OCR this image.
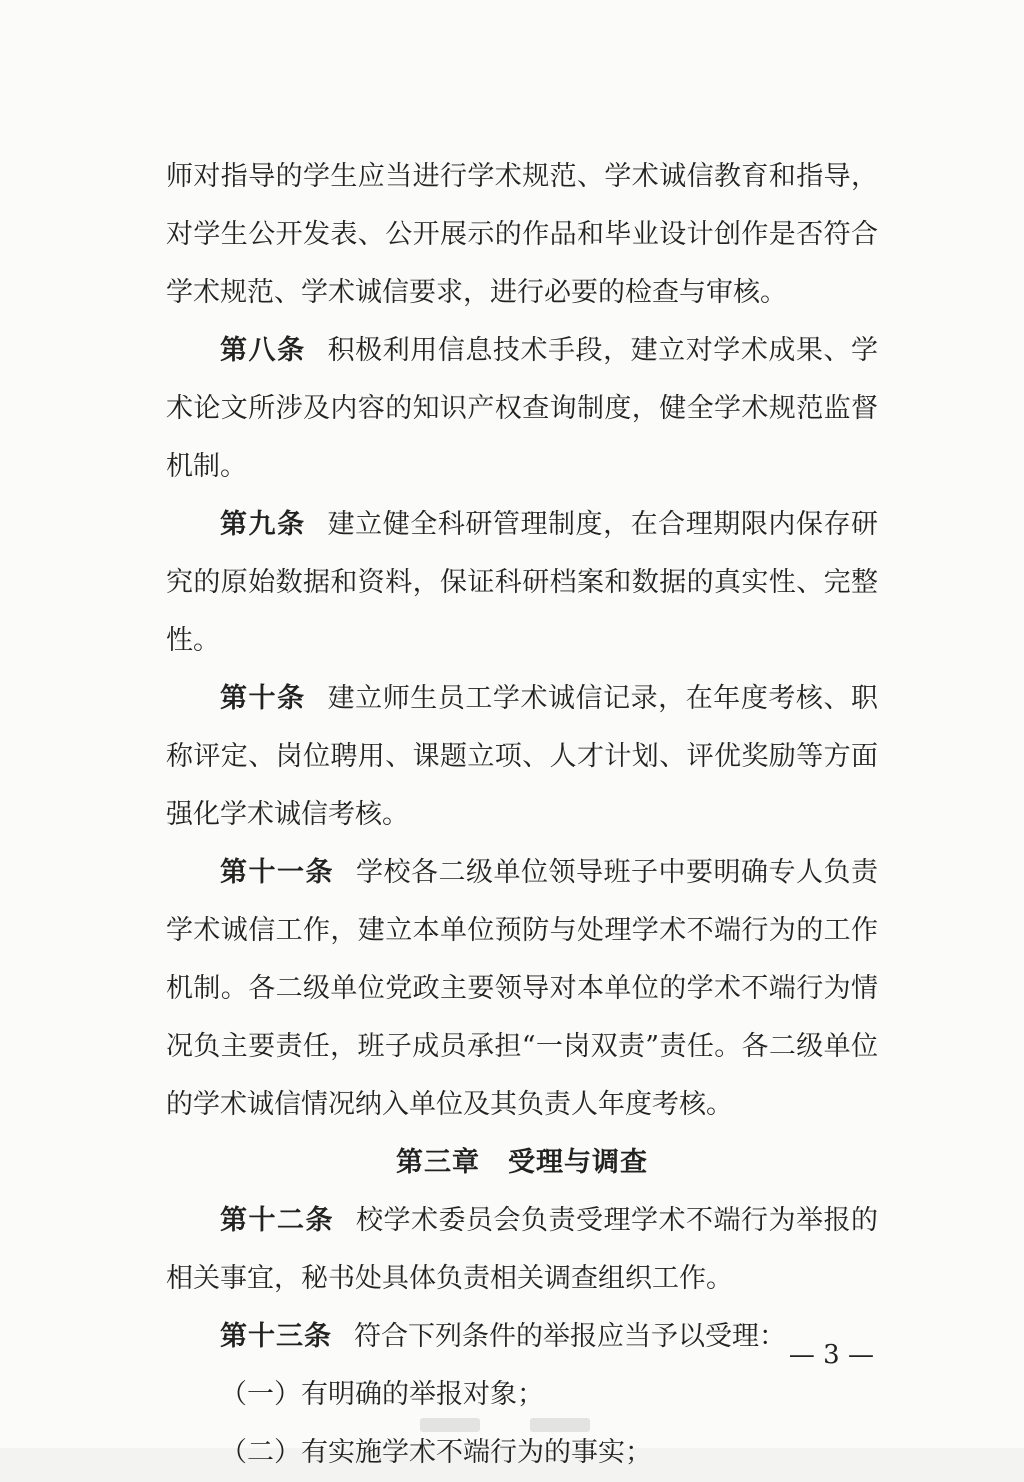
师对指导的学生应当进行学术规范、学术诚信教育和指导，对学生公开发表、公开展示的作品和毕业设计创作是否符合学术规范、学术诚信要求，进行必要的检查与审核。

第八条 积极利用信息技术手段，建立对学术成果、学术论文所涉及内容的知识产权查询制度，健全学术规范监督机制。

第九条 建立健全科研管理制度，在合理期限内保存研究的原始数据和资料，保证科研档案和数据的真实性、完整性。

第十条 建立师生员工学术诚信记录，在年度考核、职称评定、岗位聘用、课题立项、人才计划、评优奖励等方面强化学术诚信考核。

第十一条 学校各二级单位领导班子中要明确专人负责学术诚信工作，建立本单位预防与处理学术不端行为的工作机制。各二级单位党政主要领导对本单位的学术不端行为情况负主要责任，班子成员承担“一岗双责”责任。各二级单位的学术诚信情况纳入单位及其负责人年度考核。

第三章　受理与调查

第十二条 校学术委员会负责受理学术不端行为举报的相关事宜，秘书处具体负责相关调查组织工作。

第十三条 符合下列条件的举报应当予以受理：

（一）有明确的举报对象；

（二）有实施学术不端行为的事实；

— 3 —
